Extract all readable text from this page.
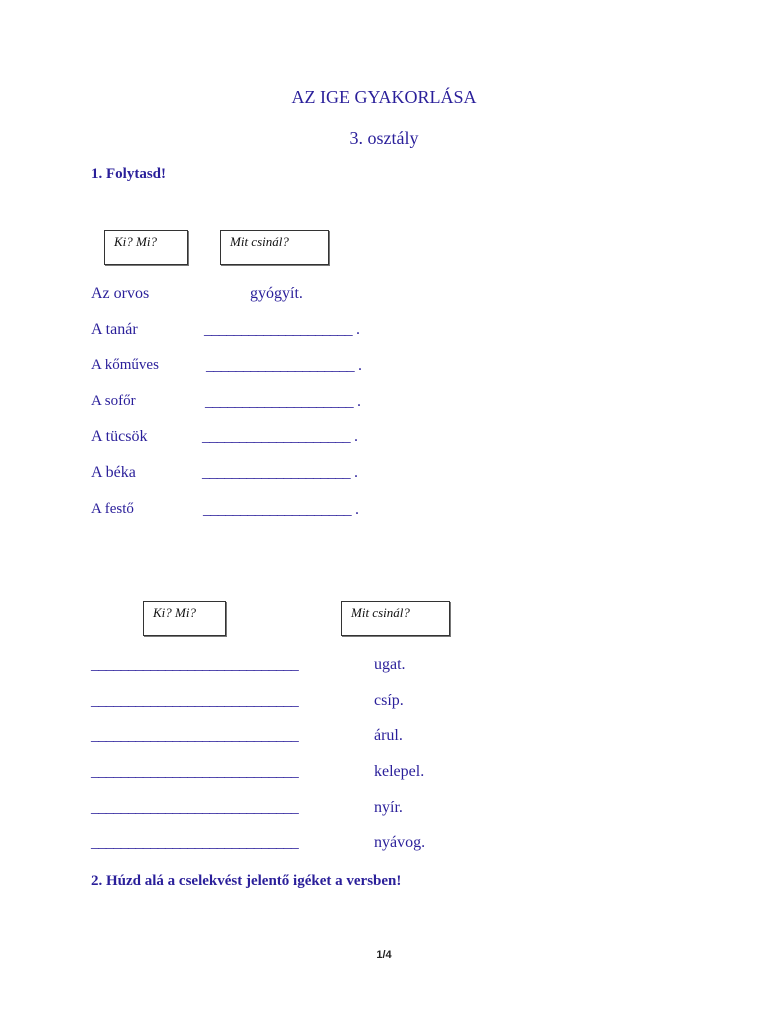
AZ IGE GYAKORLÁSA
3. osztály
1. Folytasd!
Ki? Mi?	Mit csinál?
Az orvos	gyógyít.
A tanár	____________________ .
A kőműves	____________________ .
A sofőr	____________________ .
A tücsök	____________________ .
A béka	____________________ .
A festő	____________________ .
Ki? Mi?	Mit csinál?
____________________________	ugat.
____________________________	csíp.
____________________________	árul.
____________________________	kelepel.
____________________________	nyír.
____________________________	nyávog.
2. Húzd alá a cselekvést jelentő igéket a versben!
1/4
